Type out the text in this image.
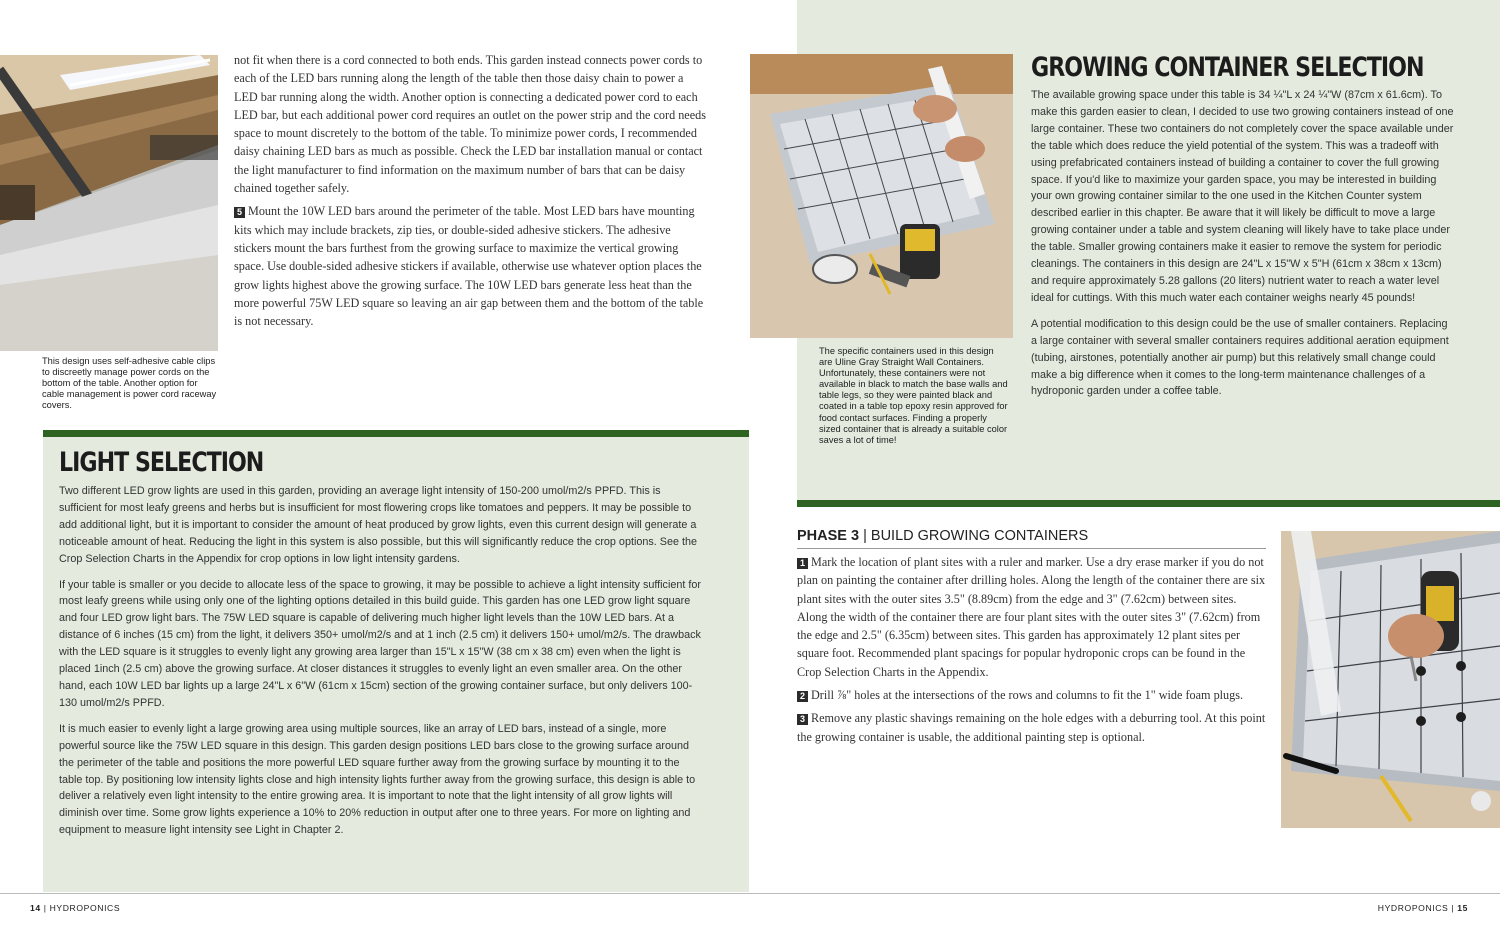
This design uses self-adhesive cable clips to discreetly manage power cords on the bottom of the table. Another option for cable management is power cord raceway covers.

not fit when there is a cord connected to both ends. This garden instead connects power cords to each of the LED bars running along the length of the table then those daisy chain to power a LED bar running along the width. Another option is connecting a dedicated power cord to each LED bar, but each additional power cord requires an outlet on the power strip and the cord needs space to mount discretely to the bottom of the table. To minimize power cords, I recommended daisy chaining LED bars as much as possible. Check the LED bar installation manual or contact the light manufacturer to find information on the maximum number of bars that can be daisy chained together safely.

5 Mount the 10W LED bars around the perimeter of the table. Most LED bars have mounting kits which may include brackets, zip ties, or double-sided adhesive stickers. The adhesive stickers mount the bars furthest from the growing surface to maximize the vertical growing space. Use double-sided adhesive stickers if available, otherwise use whatever option places the grow lights highest above the growing surface. The 10W LED bars generate less heat than the more powerful 75W LED square so leaving an air gap between them and the bottom of the table is not necessary.

LIGHT SELECTION

Two different LED grow lights are used in this garden, providing an average light intensity of 150-200 umol/m2/s PPFD. This is sufficient for most leafy greens and herbs but is insufficient for most flowering crops like tomatoes and peppers. It may be possible to add additional light, but it is important to consider the amount of heat produced by grow lights, even this current design will generate a noticeable amount of heat. Reducing the light in this system is also possible, but this will significantly reduce the crop options. See the Crop Selection Charts in the Appendix for crop options in low light intensity gardens.

If your table is smaller or you decide to allocate less of the space to growing, it may be possible to achieve a light intensity sufficient for most leafy greens while using only one of the lighting options detailed in this build guide. This garden has one LED grow light square and four LED grow light bars. The 75W LED square is capable of delivering much higher light levels than the 10W LED bars. At a distance of 6 inches (15 cm) from the light, it delivers 350+ umol/m2/s and at 1 inch (2.5 cm) it delivers 150+ umol/m2/s. The drawback with the LED square is it struggles to evenly light any growing area larger than 15"L x 15"W (38 cm x 38 cm) even when the light is placed 1inch (2.5 cm) above the growing surface. At closer distances it struggles to evenly light an even smaller area. On the other hand, each 10W LED bar lights up a large 24"L x 6"W (61cm x 15cm) section of the growing container surface, but only delivers 100-130 umol/m2/s PPFD.

It is much easier to evenly light a large growing area using multiple sources, like an array of LED bars, instead of a single, more powerful source like the 75W LED square in this design. This garden design positions LED bars close to the growing surface around the perimeter of the table and positions the more powerful LED square further away from the growing surface by mounting it to the table top. By positioning low intensity lights close and high intensity lights further away from the growing surface, this design is able to deliver a relatively even light intensity to the entire growing area. It is important to note that the light intensity of all grow lights will diminish over time. Some grow lights experience a 10% to 20% reduction in output after one to three years. For more on lighting and equipment to measure light intensity see Light in Chapter 2.

The specific containers used in this design are Uline Gray Straight Wall Containers. Unfortunately, these containers were not available in black to match the base walls and table legs, so they were painted black and coated in a table top epoxy resin approved for food contact surfaces. Finding a properly sized container that is already a suitable color saves a lot of time!
GROWING CONTAINER SELECTION

The available growing space under this table is 34 ¼"L x 24 ¼"W (87cm x 61.6cm). To make this garden easier to clean, I decided to use two growing containers instead of one large container. These two containers do not completely cover the space available under the table which does reduce the yield potential of the system. This was a tradeoff with using prefabricated containers instead of building a container to cover the full growing space. If you'd like to maximize your garden space, you may be interested in building your own growing container similar to the one used in the Kitchen Counter system described earlier in this chapter. Be aware that it will likely be difficult to move a large growing container under a table and system cleaning will likely have to take place under the table. Smaller growing containers make it easier to remove the system for periodic cleanings. The containers in this design are 24"L x 15"W x 5"H (61cm x 38cm x 13cm) and require approximately 5.28 gallons (20 liters) nutrient water to reach a water level ideal for cuttings. With this much water each container weighs nearly 45 pounds!

A potential modification to this design could be the use of smaller containers. Replacing a large container with several smaller containers requires additional aeration equipment (tubing, airstones, potentially another air pump) but this relatively small change could make a big difference when it comes to the long-term maintenance challenges of a hydroponic garden under a coffee table.

PHASE 3 | BUILD GROWING CONTAINERS

1 Mark the location of plant sites with a ruler and marker. Use a dry erase marker if you do not plan on painting the container after drilling holes. Along the length of the container there are six plant sites with the outer sites 3.5" (8.89cm) from the edge and 3" (7.62cm) between sites. Along the width of the container there are four plant sites with the outer sites 3" (7.62cm) from the edge and 2.5" (6.35cm) between sites. This garden has approximately 12 plant sites per square foot. Recommended plant spacings for popular hydroponic crops can be found in the Crop Selection Charts in the Appendix.

2 Drill ⅞" holes at the intersections of the rows and columns to fit the 1" wide foam plugs.

3 Remove any plastic shavings remaining on the hole edges with a deburring tool. At this point the growing container is usable, the additional painting step is optional.

14 | HYDROPONICS	HYDROPONICS | 15
